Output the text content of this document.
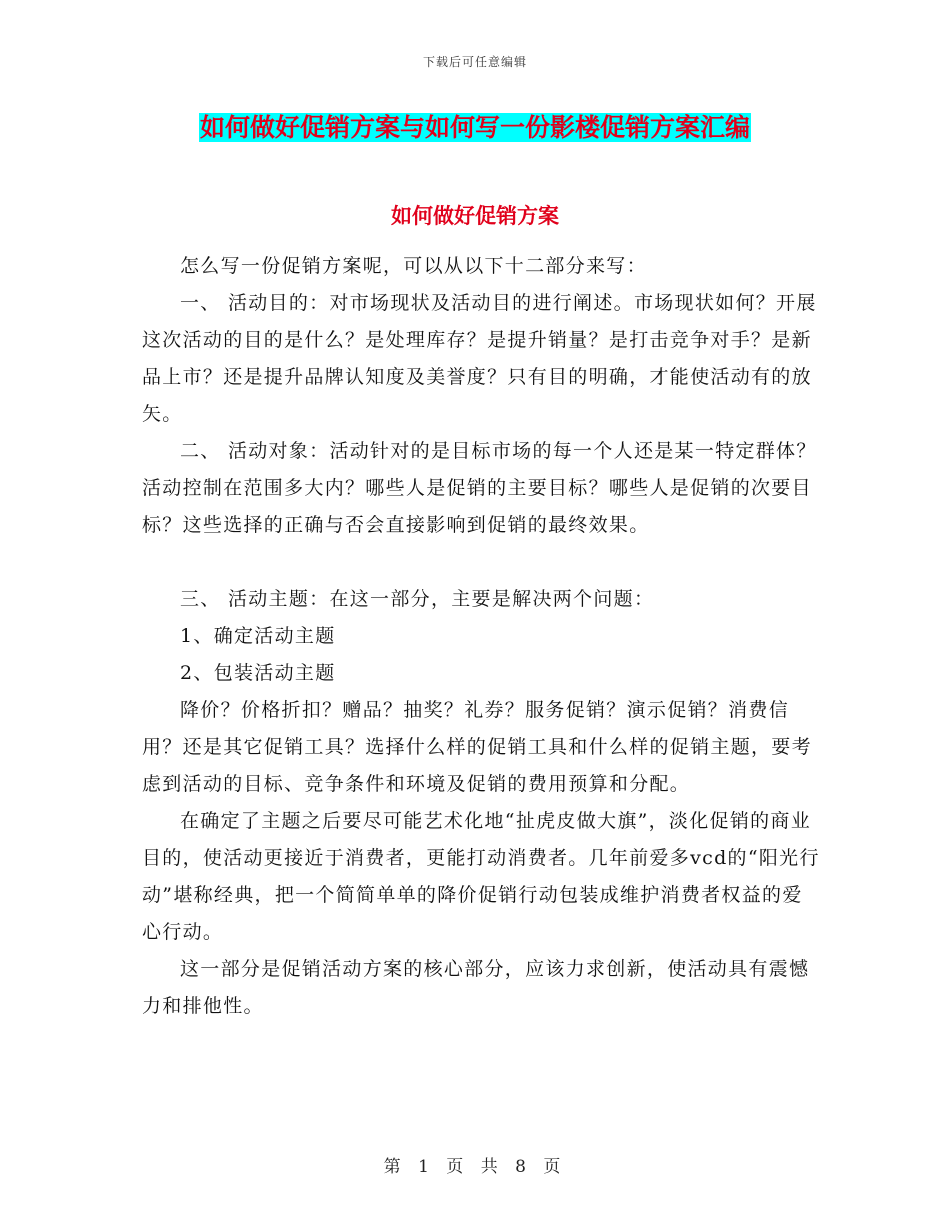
下载后可任意编辑
如何做好促销方案与如何写一份影楼促销方案汇编
如何做好促销方案

怎么写一份促销方案呢，可以从以下十二部分来写：

一、 活动目的：对市场现状及活动目的进行阐述。市场现状如何？开展这次活动的目的是什么？是处理库存？是提升销量？是打击竞争对手？是新品上市？还是提升品牌认知度及美誉度？只有目的明确，才能使活动有的放矢。

二、 活动对象：活动针对的是目标市场的每一个人还是某一特定群体？活动控制在范围多大内？哪些人是促销的主要目标？哪些人是促销的次要目标？这些选择的正确与否会直接影响到促销的最终效果。

三、 活动主题：在这一部分，主要是解决两个问题：

1、确定活动主题

2、包装活动主题

降价？价格折扣？赠品？抽奖？礼券？服务促销？演示促销？消费信用？还是其它促销工具？选择什么样的促销工具和什么样的促销主题，要考虑到活动的目标、竞争条件和环境及促销的费用预算和分配。

在确定了主题之后要尽可能艺术化地“扯虎皮做大旗”，淡化促销的商业目的，使活动更接近于消费者，更能打动消费者。几年前爱多vcd的“阳光行动”堪称经典，把一个简简单单的降价促销行动包装成维护消费者权益的爱心行动。

这一部分是促销活动方案的核心部分，应该力求创新，使活动具有震憾力和排他性。

第 1 页 共 8 页
